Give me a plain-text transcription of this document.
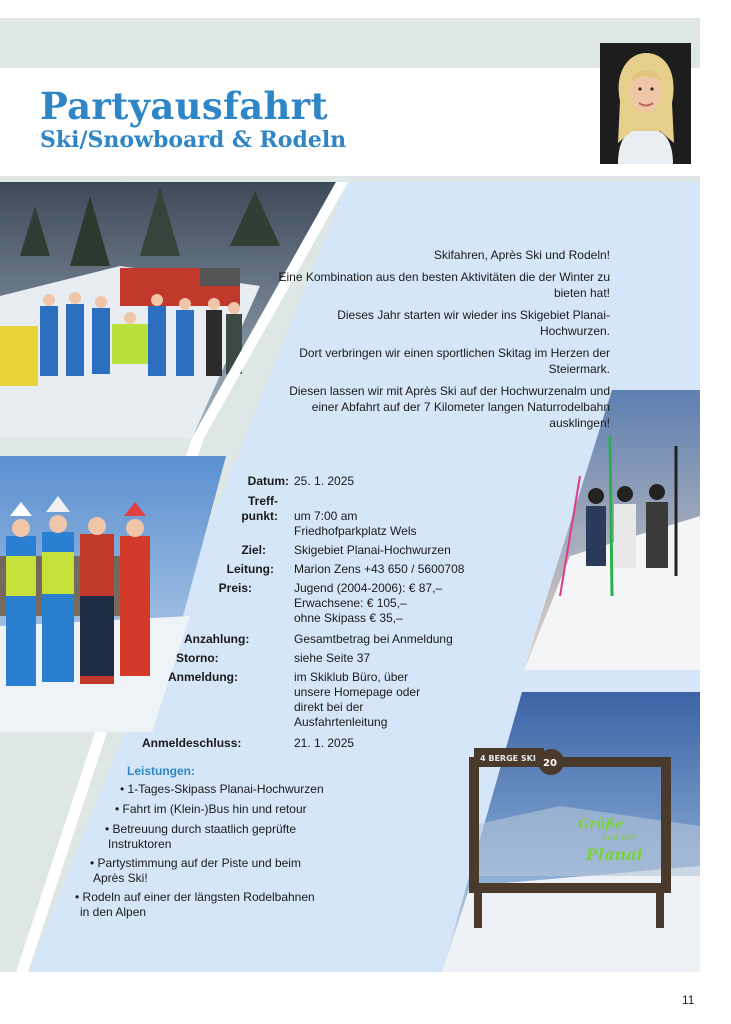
Partyausfahrt
Ski/Snowboard & Rodeln
4 BERGE SKI 20
Grüße
von der
Planai

Skifahren, Après Ski und Rodeln!

Eine Kombination aus den besten Aktivitäten die der Winter zu bieten hat!

Dieses Jahr starten wir wieder ins Skigebiet Planai- Hochwurzen.

Dort verbringen wir einen sportlichen Skitag im Herzen der Steiermark.

Diesen lassen wir mit Après Ski auf der Hochwurzenalm und einer Abfahrt auf der 7 Kilometer langen Naturrodelbahn ausklingen!

Datum: 25. 1. 2025
Treff-
punkt: um 7:00 am
Friedhofparkplatz Wels
Ziel: Skigebiet Planai-Hochwurzen
Leitung: Marion Zens +43 650 / 5600708
Preis:	Jugend (2004-2006): € 87,–
Erwachsene: € 105,–
ohne Skipass € 35,–
Anzahlung:	Gesamtbetrag bei Anmeldung
Storno:	siehe Seite 37
Anmeldung:	im Skiklub Büro, über
unsere Homepage oder
direkt bei der
Ausfahrtenleitung
Anmeldeschluss:	21. 1. 2025
Leistungen:
• 1-Tages-Skipass Planai-Hochwurzen
• Fahrt im (Klein-)Bus hin und retour
• Betreuung durch staatlich geprüfte
Instruktoren
• Partystimmung auf der Piste und beim
Après Ski!
• Rodeln auf einer der längsten Rodelbahnen
in den Alpen
11
